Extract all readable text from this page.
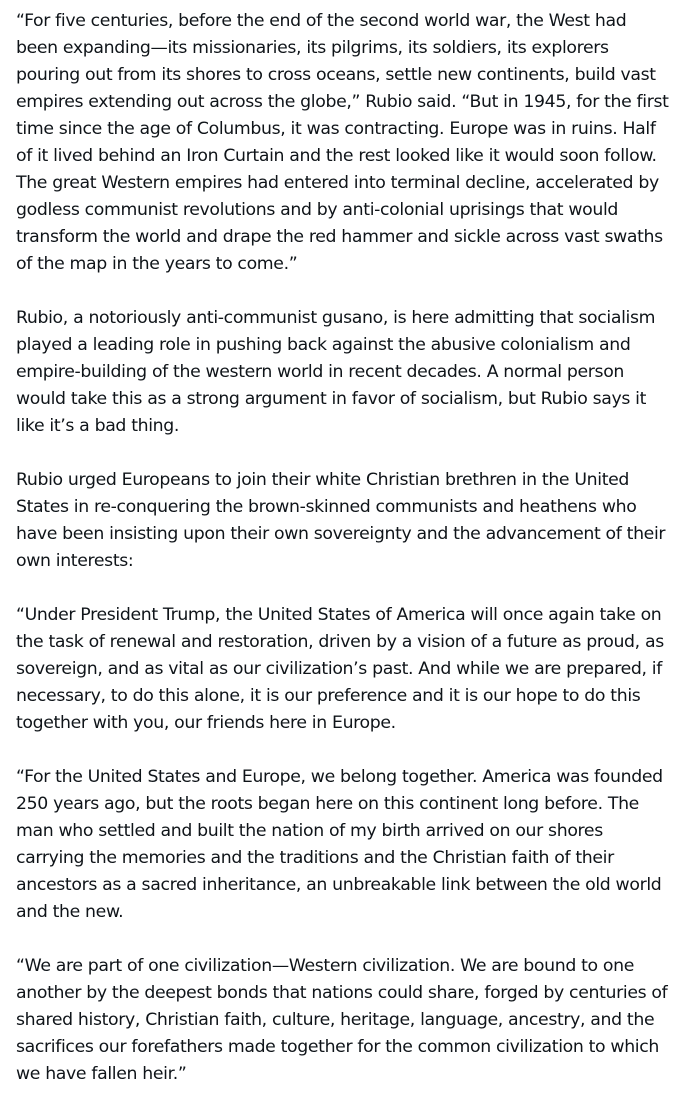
“For five centuries, before the end of the second world war, the West had been expanding—its missionaries, its pilgrims, its soldiers, its explorers pouring out from its shores to cross oceans, settle new continents, build vast empires extending out across the globe,” Rubio said. “But in 1945, for the first time since the age of Columbus, it was contracting. Europe was in ruins. Half of it lived behind an Iron Curtain and the rest looked like it would soon follow. The great Western empires had entered into terminal decline, accelerated by godless communist revolutions and by anti-colonial uprisings that would transform the world and drape the red hammer and sickle across vast swaths of the map in the years to come.”

Rubio, a notoriously anti-communist gusano, is here admitting that socialism played a leading role in pushing back against the abusive colonialism and empire-building of the western world in recent decades. A normal person would take this as a strong argument in favor of socialism, but Rubio says it like it’s a bad thing.

Rubio urged Europeans to join their white Christian brethren in the United States in re-conquering the brown-skinned communists and heathens who have been insisting upon their own sovereignty and the advancement of their own interests:

“Under President Trump, the United States of America will once again take on the task of renewal and restoration, driven by a vision of a future as proud, as sovereign, and as vital as our civilization’s past. And while we are prepared, if necessary, to do this alone, it is our preference and it is our hope to do this together with you, our friends here in Europe.

“For the United States and Europe, we belong together. America was founded 250 years ago, but the roots began here on this continent long before. The man who settled and built the nation of my birth arrived on our shores carrying the memories and the traditions and the Christian faith of their ancestors as a sacred inheritance, an unbreakable link between the old world and the new.

“We are part of one civilization—Western civilization. We are bound to one another by the deepest bonds that nations could share, forged by centuries of shared history, Christian faith, culture, heritage, language, ancestry, and the sacrifices our forefathers made together for the common civilization to which we have fallen heir.”
